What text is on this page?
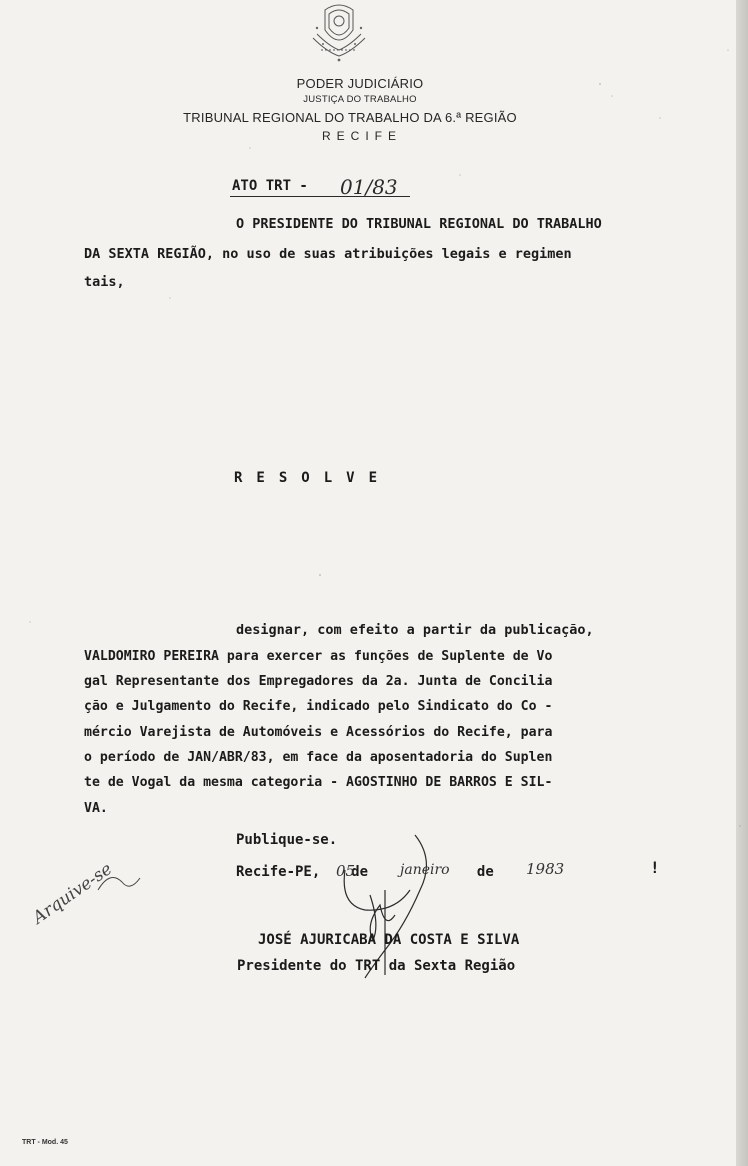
PODER JUDICIÁRIO
JUSTIÇA DO TRABALHO
TRIBUNAL REGIONAL DO TRABALHO DA 6.ª REGIÃO
RECIFE
ATO TRT - 01/83
O PRESIDENTE DO TRIBUNAL REGIONAL DO TRABALHO
DA SEXTA REGIÃO, no uso de suas atribuições legais e regimen
tais,
RESOLVE
designar, com efeito a partir da publicação,
VALDOMIRO PEREIRA para exercer as funções de Suplente de Vo
gal Representante dos Empregadores da 2a. Junta de Concilia
ção e Julgamento do Recife, indicado pelo Sindicato do Co -
mércio Varejista de Automóveis e Acessórios do Recife, para
o período de JAN/ABR/83, em face da aposentadoria do Suplen
te de Vogal da mesma categoria - AGOSTINHO DE BARROS E SIL-
VA.
Publique-se.
Recife-PE, de	de
05	janeiro	1983
Arquive-se	!
JOSÉ AJURICABA DA COSTA E SILVA
Presidente do TRT da Sexta Região
TRT - Mod. 45
